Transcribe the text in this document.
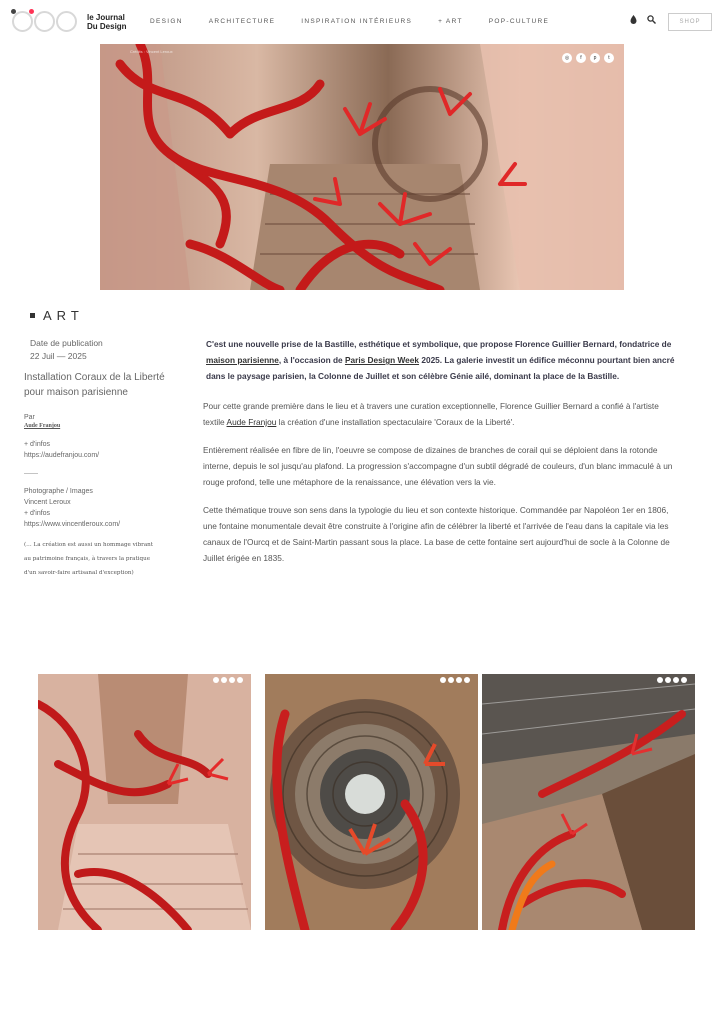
le Journal
Du Design	DESIGN	ARCHITECTURE	INSPIRATION INTÉRIEURS	+ ART	POP-CULTURE	SHOP
Crédits : Vincent Leroux
◎	f	p	t
ART
Date de publication
22 Juil — 2025
Installation Coraux de la Liberté pour maison parisienne
Par
Aude Franjou
+ d'infos
https://audefranjou.com/
——
Photographe / Images
Vincent Leroux
+ d'infos
https://www.vincentleroux.com/
(… La création est aussi un hommage vibrant
au patrimoine français, à travers la pratique
d'un savoir-faire artisanal d'exception)

C'est une nouvelle prise de la Bastille, esthétique et symbolique, que propose Florence Guillier Bernard, fondatrice de maison parisienne, à l'occasion de Paris Design Week 2025. La galerie investit un édifice méconnu pourtant bien ancré dans le paysage parisien, la Colonne de Juillet et son célèbre Génie ailé, dominant la place de la Bastille.

Pour cette grande première dans le lieu et à travers une curation exceptionnelle, Florence Guillier Bernard a confié à l'artiste textile Aude Franjou la création d'une installation spectaculaire 'Coraux de la Liberté'.

Entièrement réalisée en fibre de lin, l'oeuvre se compose de dizaines de branches de corail qui se déploient dans la rotonde interne, depuis le sol jusqu'au plafond. La progression s'accompagne d'un subtil dégradé de couleurs, d'un blanc immaculé à un rouge profond, telle une métaphore de la renaissance, une élévation vers la vie.

Cette thématique trouve son sens dans la typologie du lieu et son contexte historique. Commandée par Napoléon 1er en 1806, une fontaine monumentale devait être construite à l'origine afin de célébrer la liberté et l'arrivée de l'eau dans la capitale via les canaux de l'Ourcq et de Saint-Martin passant sous la place. La base de cette fontaine sert aujourd'hui de socle à la Colonne de Juillet érigée en 1835.
